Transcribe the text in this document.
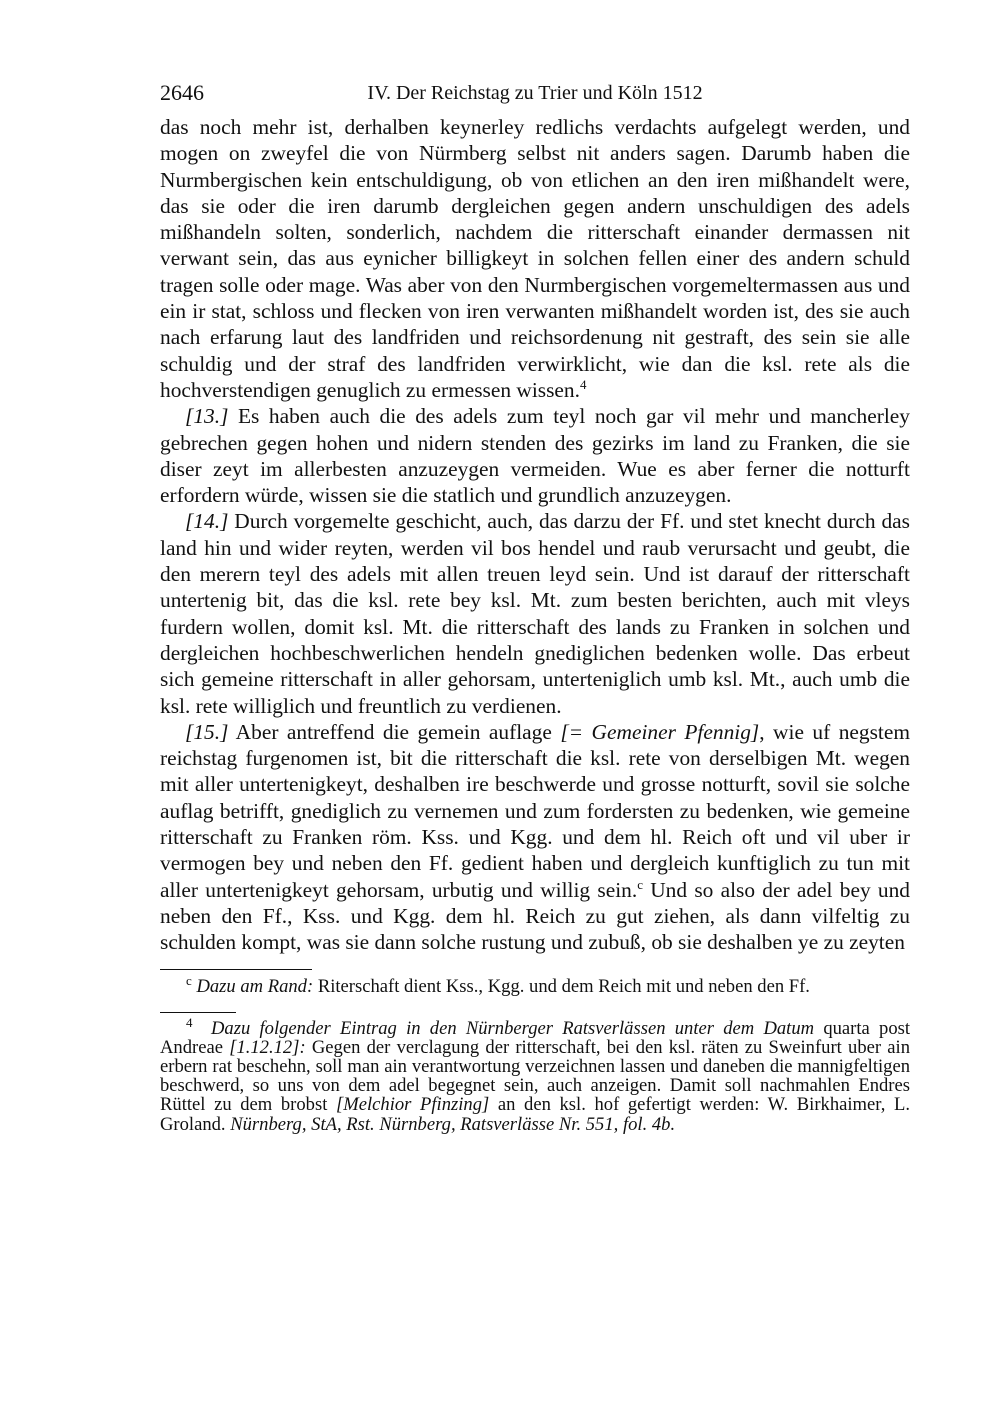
2646	IV. Der Reichstag zu Trier und Köln 1512

das noch mehr ist, derhalben keynerley redlichs verdachts aufgelegt werden, und mogen on zweyfel die von Nürmberg selbst nit anders sagen. Darumb haben die Nurmbergischen kein entschuldigung, ob von etlichen an den iren mißhandelt were, das sie oder die iren darumb dergleichen gegen andern unschuldigen des adels mißhandeln solten, sonderlich, nachdem die ritterschaft einander dermassen nit verwant sein, das aus eynicher billigkeyt in solchen fellen einer des andern schuld tragen solle oder mage. Was aber von den Nurmbergischen vorgemeltermassen aus und ein ir stat, schloss und flecken von iren verwanten mißhandelt worden ist, des sie auch nach erfarung laut des landfriden und reichsordenung nit gestraft, des sein sie alle schuldig und der straf des landfriden verwirklicht, wie dan die ksl. rete als die hochverstendigen genuglich zu ermessen wissen.$^4$

[13.] Es haben auch die des adels zum teyl noch gar vil mehr und mancherley gebrechen gegen hohen und nidern stenden des gezirks im land zu Franken, die sie diser zeyt im allerbesten anzuzeygen vermeiden. Wue es aber ferner die notturft erfordern würde, wissen sie die statlich und grundlich anzuzeygen.

[14.] Durch vorgemelte geschicht, auch, das darzu der Ff. und stet knecht durch das land hin und wider reyten, werden vil bos hendel und raub verursacht und geubt, die den merern teyl des adels mit allen treuen leyd sein. Und ist darauf der ritterschaft untertenig bit, das die ksl. rete bey ksl. Mt. zum besten berichten, auch mit vleys furdern wollen, domit ksl. Mt. die ritterschaft des lands zu Franken in solchen und dergleichen hochbeschwerlichen hendeln gnediglichen bedenken wolle. Das erbeut sich gemeine ritterschaft in aller gehorsam, unterteniglich umb ksl. Mt., auch umb die ksl. rete williglich und freuntlich zu verdienen.

[15.] Aber antreffend die gemein auflage [= Gemeiner Pfennig], wie uf negstem reichstag furgenomen ist, bit die ritterschaft die ksl. rete von derselbigen Mt. wegen mit aller untertenigkeyt, deshalben ire beschwerde und grosse notturft, sovil sie solche auflag betrifft, gnediglich zu vernemen und zum fordersten zu bedenken, wie gemeine ritterschaft zu Franken röm. Kss. und Kgg. und dem hl. Reich oft und vil uber ir vermogen bey und neben den Ff. gedient haben und dergleich kunftiglich zu tun mit aller untertenigkeyt gehorsam, urbutig und willig sein.$^c$ Und so also der adel bey und neben den Ff., Kss. und Kgg. dem hl. Reich zu gut ziehen, als dann vilfeltig zu schulden kompt, was sie dann solche rustung und zubuß, ob sie deshalben ye zu zeyten

$^c$ Dazu am Rand: Riterschaft dient Kss., Kgg. und dem Reich mit und neben den Ff.

$^4$ Dazu folgender Eintrag in den Nürnberger Ratsverlässen unter dem Datum quarta post Andreae [1.12.12]: Gegen der verclagung der ritterschaft, bei den ksl. räten zu Sweinfurt uber ain erbern rat beschehn, soll man ain verantwortung verzeichnen lassen und daneben die mannigfeltigen beschwerd, so uns von dem adel begegnet sein, auch anzeigen. Damit soll nachmahlen Endres Rüttel zu dem brobst [Melchior Pfinzing] an den ksl. hof gefertigt werden: W. Birkhaimer, L. Groland. Nürnberg, StA, Rst. Nürnberg, Ratsverlässe Nr. 551, fol. 4b.
